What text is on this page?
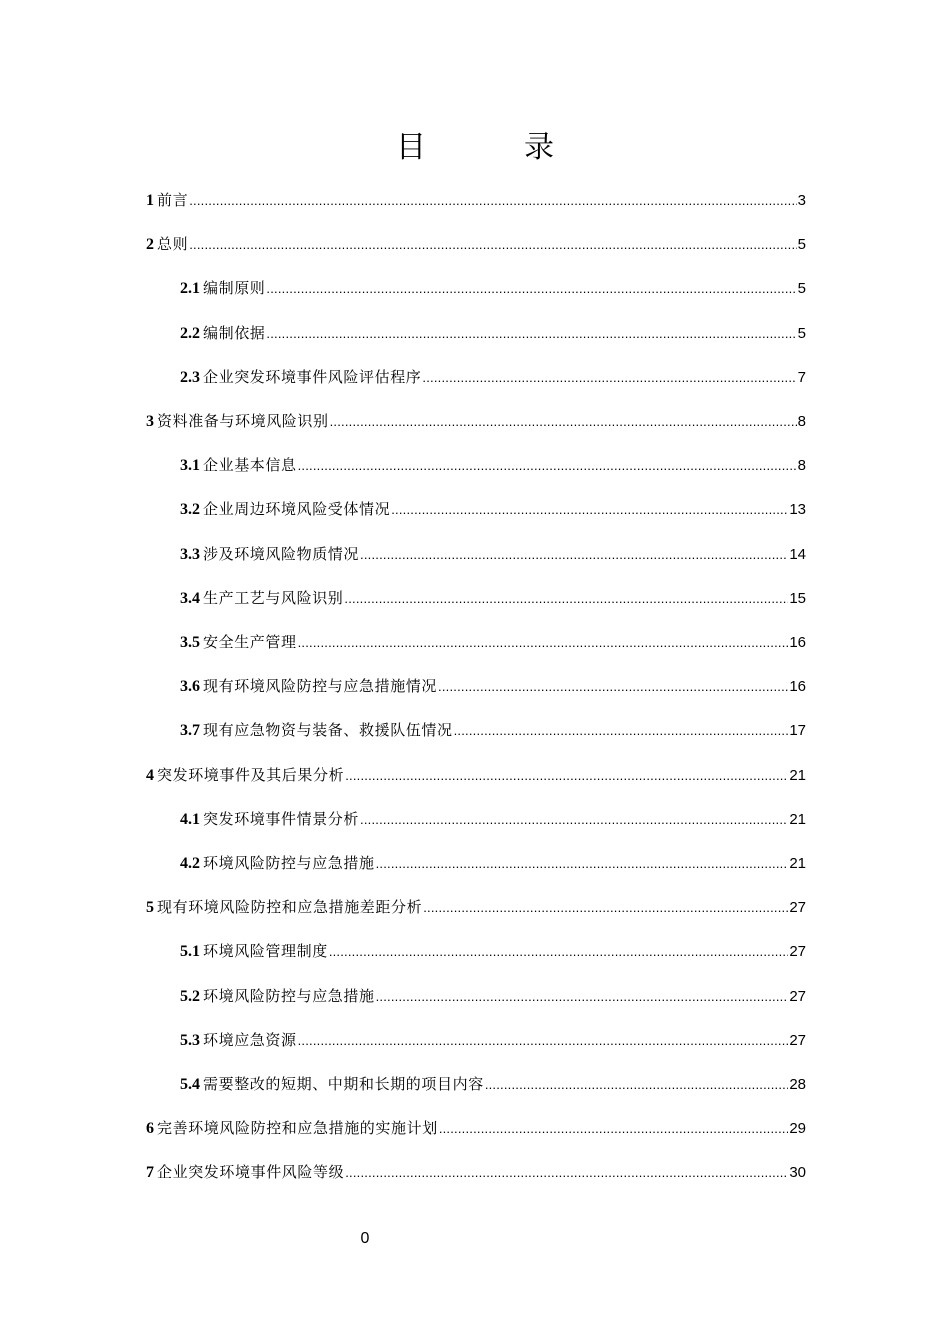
目　录
1 前言 .....	3
2 总则 .....	5
2.1 编制原则 .....	5
2.2 编制依据 .....	5
2.3 企业突发环境事件风险评估程序 .....	7
3 资料准备与环境风险识别 .....	8
3.1 企业基本信息 .....	8
3.2 企业周边环境风险受体情况 .....	13
3.3 涉及环境风险物质情况 .....	14
3.4 生产工艺与风险识别 .....	15
3.5 安全生产管理 .....	16
3.6 现有环境风险防控与应急措施情况 .....	16
3.7 现有应急物资与装备、救援队伍情况 .....	17
4 突发环境事件及其后果分析 .....	21
4.1 突发环境事件情景分析 .....	21
4.2 环境风险防控与应急措施 .....	21
5 现有环境风险防控和应急措施差距分析 .....	27
5.1 环境风险管理制度 .....	27
5.2 环境风险防控与应急措施 .....	27
5.3 环境应急资源 .....	27
5.4 需要整改的短期、中期和长期的项目内容 .....	28
6 完善环境风险防控和应急措施的实施计划 .....	29
7 企业突发环境事件风险等级 .....	30
0
